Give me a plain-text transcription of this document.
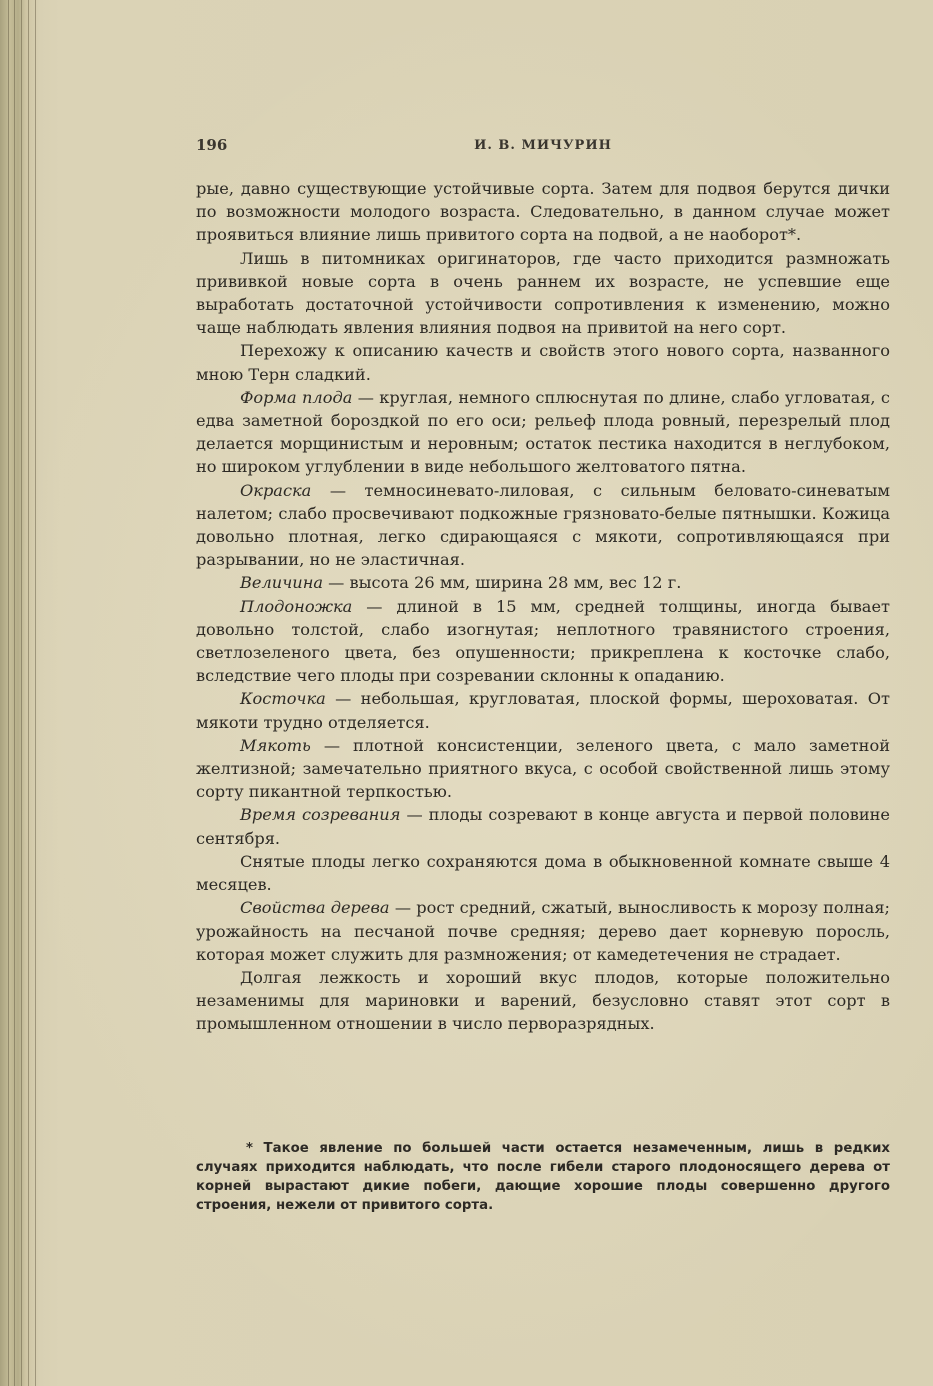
196	И. В. МИЧУРИН

рые, давно существующие устойчивые сорта. Затем для подвоя берутся дички по возможности молодого возраста. Следовательно, в данном случае может проявиться влияние лишь привитого сорта на подвой, а не наоборот*.

Лишь в питомниках оригинаторов, где часто приходится размножать прививкой новые сорта в очень раннем их возрасте, не успевшие еще выработать достаточной устойчивости сопротивления к изменению, можно чаще наблюдать явления влияния подвоя на привитой на него сорт.

Перехожу к описанию качеств и свойств этого нового сорта, названного мною Терн сладкий.

Форма плода — круглая, немного сплюснутая по длине, слабо угловатая, с едва заметной бороздкой по его оси; рельеф плода ровный, перезрелый плод делается морщинистым и неровным; остаток пестика находится в неглубоком, но широком углублении в виде небольшого желтоватого пятна.

Окраска — темносиневато-лиловая, с сильным беловато-синеватым налетом; слабо просвечивают подкожные грязновато-белые пятнышки. Кожица довольно плотная, легко сдирающаяся с мякоти, сопротивляющаяся при разрывании, но не эластичная.

Величина — высота 26 мм, ширина 28 мм, вес 12 г.

Плодоножка — длиной в 15 мм, средней толщины, иногда бывает довольно толстой, слабо изогнутая; неплотного травянистого строения, светлозеленого цвета, без опушенности; прикреплена к косточке слабо, вследствие чего плоды при созревании склонны к опаданию.

Косточка — небольшая, кругловатая, плоской формы, шероховатая. От мякоти трудно отделяется.

Мякоть — плотной консистенции, зеленого цвета, с мало заметной желтизной; замечательно приятного вкуса, с особой свойственной лишь этому сорту пикантной терпкостью.

Время созревания — плоды созревают в конце августа и первой половине сентября.

Снятые плоды легко сохраняются дома в обыкновенной комнате свыше 4 месяцев.

Свойства дерева — рост средний, сжатый, выносливость к морозу полная; урожайность на песчаной почве средняя; дерево дает корневую поросль, которая может служить для размножения; от камедетечения не страдает.

Долгая лежкость и хороший вкус плодов, которые положительно незаменимы для мариновки и варений, безусловно ставят этот сорт в промышленном отношении в число перворазрядных.

* Такое явление по большей части остается незамеченным, лишь в редких случаях приходится наблюдать, что после гибели старого плодоносящего дерева от корней вырастают дикие побеги, дающие хорошие плоды совершенно другого строения, нежели от привитого сорта.
